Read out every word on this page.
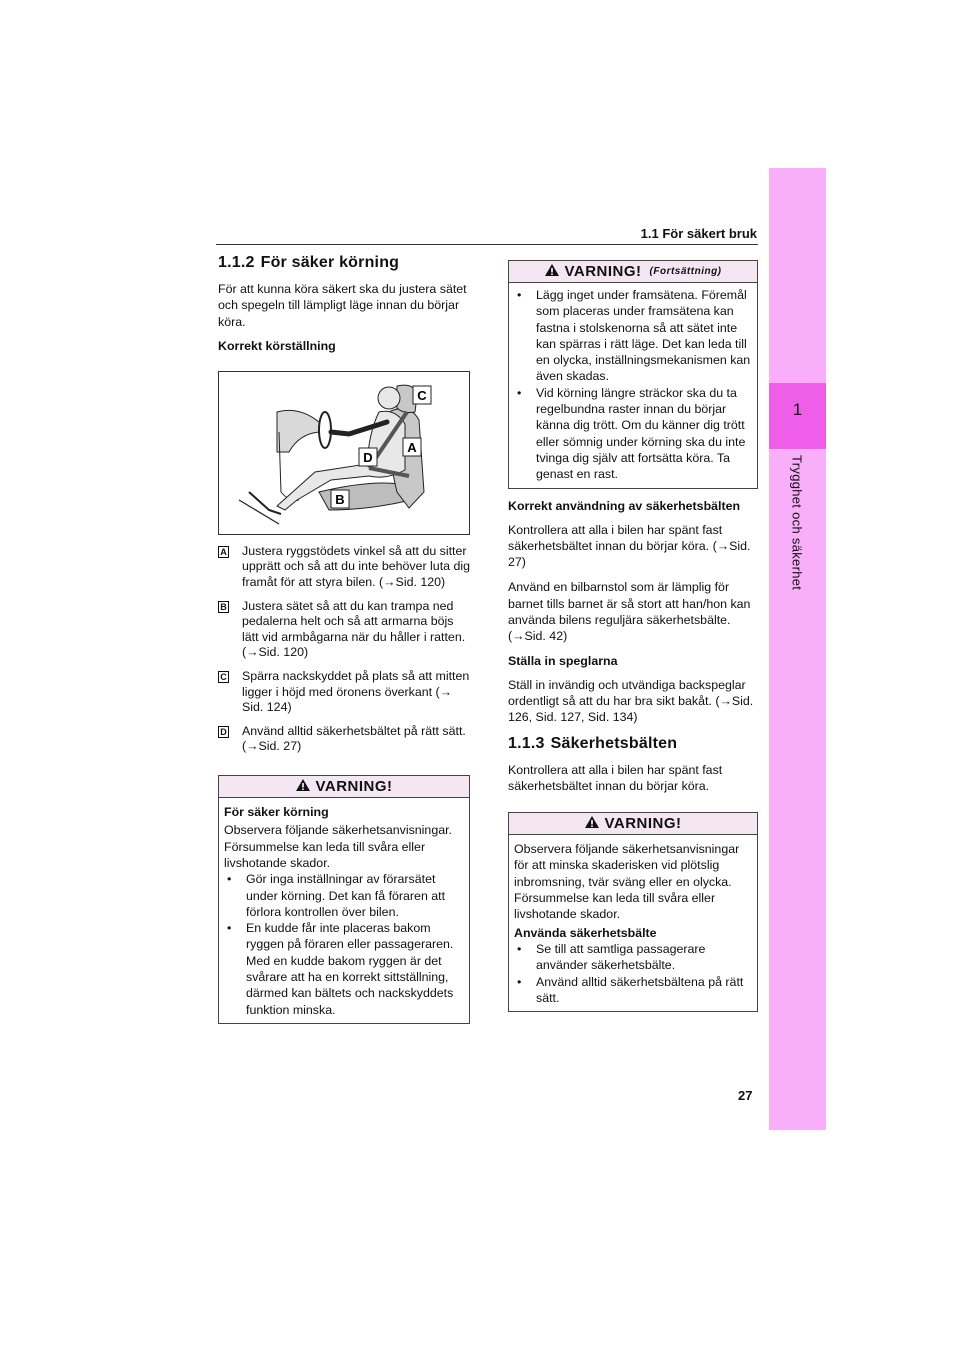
1
Trygghet och säkerhet
1.1 För säkert bruk
1.1.2 För säker körning

För att kunna köra säkert ska du justera sätet och spegeln till lämpligt läge innan du börjar köra.

Korrekt körställning

C
D
A
B
A Justera ryggstödets vinkel så att du sitter upprätt och så att du inte behöver luta dig framåt för att styra bilen. (→Sid. 120)
B Justera sätet så att du kan trampa ned pedalerna helt och så att armarna böjs lätt vid armbågarna när du håller i ratten. (→Sid. 120)
C Spärra nackskyddet på plats så att mitten ligger i höjd med öronens överkant (→ Sid. 124)
D Använd alltid säkerhetsbältet på rätt sätt. (→Sid. 27)
VARNING!
För säker körning
Observera följande säkerhetsanvisningar. Försummelse kan leda till svåra eller livshotande skador.
• Gör inga inställningar av förarsätet under körning. Det kan få föraren att förlora kontrollen över bilen.
• En kudde får inte placeras bakom ryggen på föraren eller passageraren. Med en kudde bakom ryggen är det svårare att ha en korrekt sittställning, därmed kan bältets och nackskyddets funktion minska.
VARNING! (Fortsättning)
• Lägg inget under framsätena. Föremål som placeras under framsätena kan fastna i stolskenorna så att sätet inte kan spärras i rätt läge. Det kan leda till en olycka, inställningsmekanismen kan även skadas.
• Vid körning längre sträckor ska du ta regelbundna raster innan du börjar känna dig trött. Om du känner dig trött eller sömnig under körning ska du inte tvinga dig själv att fortsätta köra. Ta genast en rast.

Korrekt användning av säkerhetsbälten

Kontrollera att alla i bilen har spänt fast säkerhetsbältet innan du börjar köra. (→Sid. 27)

Använd en bilbarnstol som är lämplig för barnet tills barnet är så stort att han/hon kan använda bilens reguljära säkerhetsbälte. (→Sid. 42)

Ställa in speglarna

Ställ in invändig och utvändiga backspeglar ordentligt så att du har bra sikt bakåt. (→Sid. 126, Sid. 127, Sid. 134)

1.1.3 Säkerhetsbälten

Kontrollera att alla i bilen har spänt fast säkerhetsbältet innan du börjar köra.

VARNING!
Observera följande säkerhetsanvisningar för att minska skaderisken vid plötslig inbromsning, tvär sväng eller en olycka. Försummelse kan leda till svåra eller livshotande skador.
Använda säkerhetsbälte
• Se till att samtliga passagerare använder säkerhetsbälte.
• Använd alltid säkerhetsbältena på rätt sätt.
27
